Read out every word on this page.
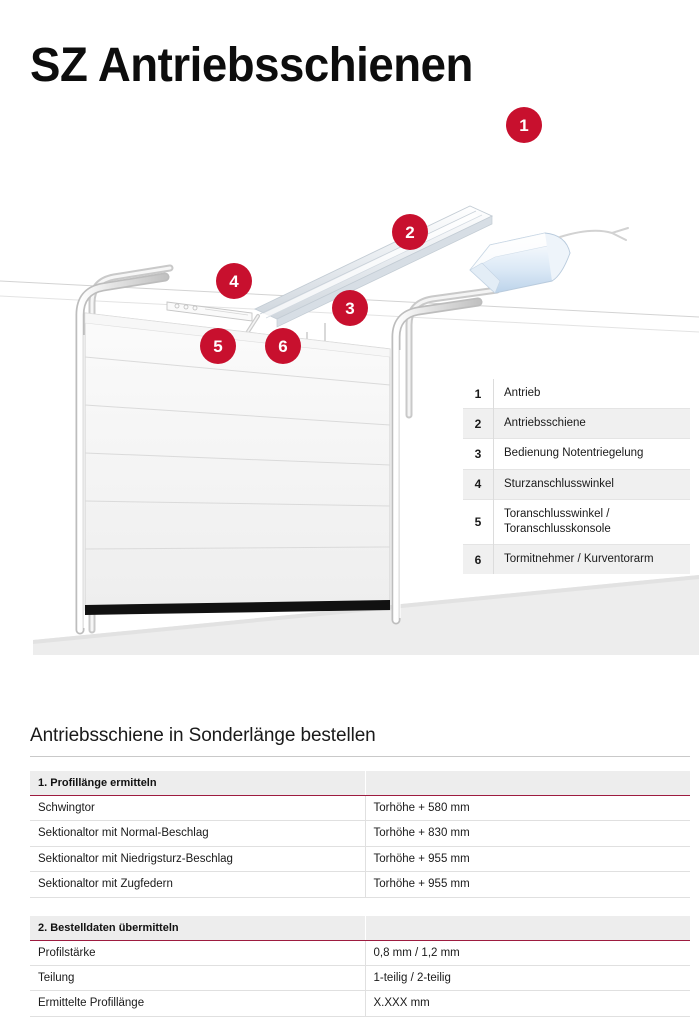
SZ Antriebsschienen
1
2
3
4
5	6
1	Antrieb
2	Antriebsschiene
3	Bedienung Notentriegelung
4	Sturzanschlusswinkel
5	Toranschlusswinkel / Toranschlusskonsole
6	Tormitnehmer / Kurventorarm
Antriebsschiene in Sonderlänge bestellen
1. Profillänge ermitteln	
Schwingtor	Torhöhe + 580 mm
Sektionaltor mit Normal-Beschlag	Torhöhe + 830 mm
Sektionaltor mit Niedrigsturz-Beschlag	Torhöhe + 955 mm
Sektionaltor mit Zugfedern	Torhöhe + 955 mm
2. Bestelldaten übermitteln	
Profilstärke	0,8 mm / 1,2 mm
Teilung	1-teilig / 2-teilig
Ermittelte Profillänge	X.XXX mm
